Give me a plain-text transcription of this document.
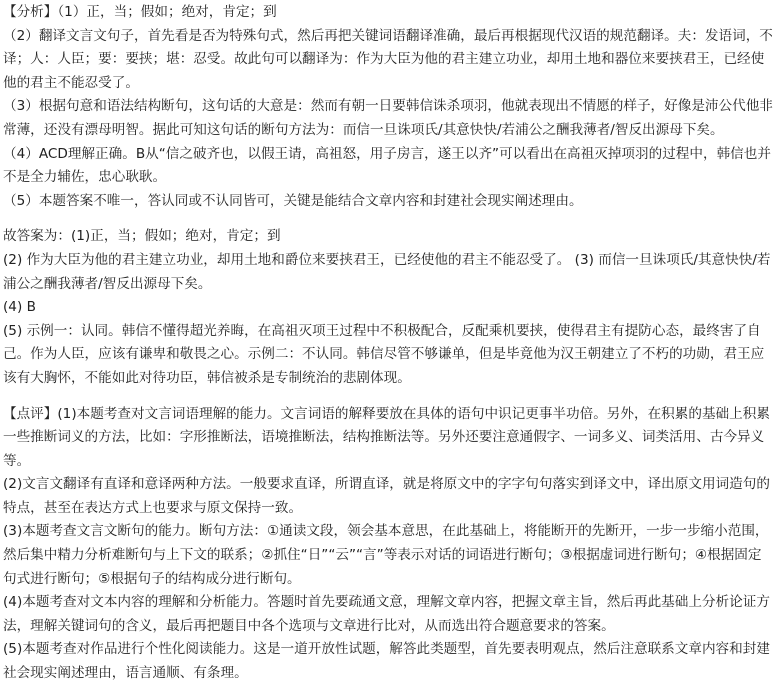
【分析】（1）正，当；假如；绝对，肯定；到

（2）翻译文言文句子，首先看是否为特殊句式，然后再把关键词语翻译准确，最后再根据现代汉语的规范翻译。夫：发语词，不译；人：人臣；要：要挟；堪：忍受。故此句可以翻译为：作为大臣为他的君主建立功业，却用土地和器位来要挟君王，已经使他的君主不能忍受了。

（3）根据句意和语法结构断句，这句话的大意是：然而有朝一日要韩信诛杀项羽，他就表现出不情愿的样子，好像是沛公代他非常薄，还没有漂母明智。据此可知这句话的断句方法为：而信一旦诛项氏/其意快快/若浦公之酬我薄者/智反出源母下矣。

（4）ACD理解正确。B从“信之破齐也，以假王请，高祖怒，用子房言，遂王以齐”可以看出在高祖灭掉项羽的过程中，韩信也并不是全力辅佐，忠心耿耿。

（5）本题答案不唯一，答认同或不认同皆可，关键是能结合文章内容和封建社会现实阐述理由。

故答案为：(1)正，当；假如；绝对，肯定；到

(2) 作为大臣为他的君主建立功业，却用土地和爵位来要挟君王，已经使他的君主不能忍受了。 (3) 而信一旦诛项氏/其意快快/若浦公之酬我薄者/智反出源母下矣。

(4) B

(5) 示例一：认同。韩信不懂得超光养晦，在高祖灭项王过程中不积极配合，反配乘机要挟，使得君主有提防心态，最终害了自己。作为人臣，应该有谦卑和敬畏之心。示例二：不认同。韩信尽管不够谦单，但是毕竟他为汉王朝建立了不朽的功勋，君王应该有大胸怀，不能如此对待功臣，韩信被杀是专制统治的悲剧体现。

【点评】(1)本题考查对文言词语理解的能力。文言词语的解释要放在具体的语句中识记更事半功倍。另外，在积累的基础上积累一些推断词义的方法，比如：字形推断法，语境推断法，结构推断法等。另外还要注意通假字、一词多义、词类活用、古今异义等。

(2)文言文翻译有直译和意译两种方法。一般要求直译，所谓直译，就是将原文中的字字句句落实到译文中，译出原文用词造句的特点，甚至在表达方式上也要求与原文保持一致。

(3)本题考查文言文断句的能力。断句方法：①通读文段，领会基本意思，在此基础上，将能断开的先断开，一步一步缩小范围，然后集中精力分析难断句与上下文的联系；②抓住“日”“云”“言”等表示对话的词语进行断句；③根据虚词进行断句；④根据固定句式进行断句；⑤根据句子的结构成分进行断句。

(4)本题考查对文本内容的理解和分析能力。答题时首先要疏通文意，理解文章内容，把握文章主旨，然后再此基础上分析论证方法，理解关键词句的含义，最后再把题目中各个选项与文章进行比对，从而选出符合题意要求的答案。

(5)本题考查对作品进行个性化阅读能力。这是一道开放性试题，解答此类题型，首先要表明观点，然后注意联系文章内容和封建社会现实阐述理由，语言通顺、有条理。
